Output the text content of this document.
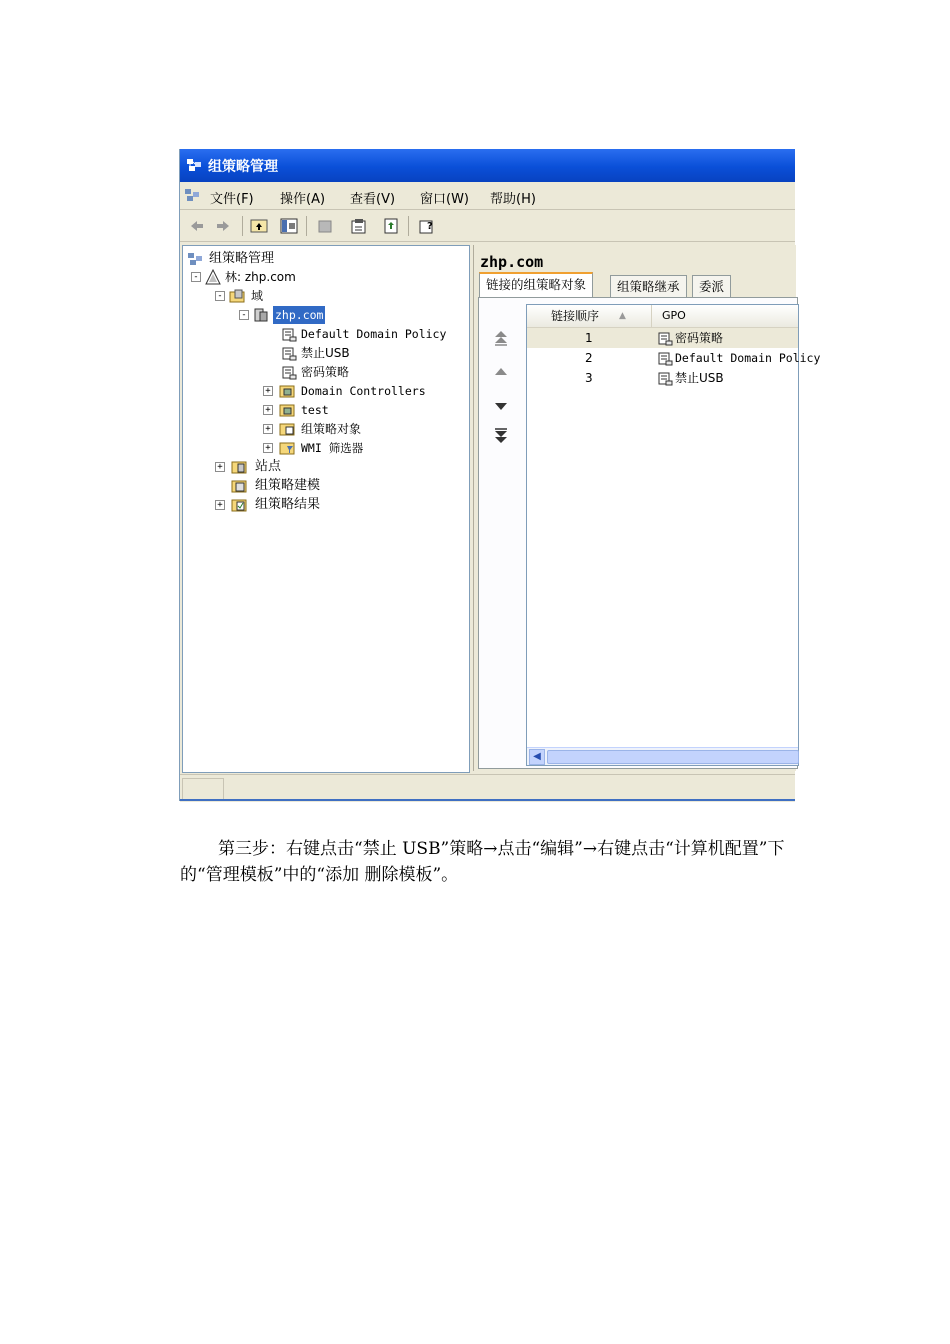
组策略管理
文件(F) 操作(A) 查看(V) 窗口(W) 帮助(H)
?
组策略管理
- 林: zhp.com
- 域
- zhp.com
Default Domain Policy
禁止USB
密码策略
+	Domain Controllers
+	test
+	组策略对象
+	WMI 筛选器
+ 站点
组策略建模
+ 组策略结果
zhp.com
链接的组策略对象	组策略继承	委派
链接顺序 ▲	GPO
1	密码策略
2	Default Domain Policy
3	禁止USB
◀

第三步：右键点击“禁止 USB”策略→点击“编辑”→右键点击“计算机配置”下的“管理模板”中的“添加 删除模板”。
